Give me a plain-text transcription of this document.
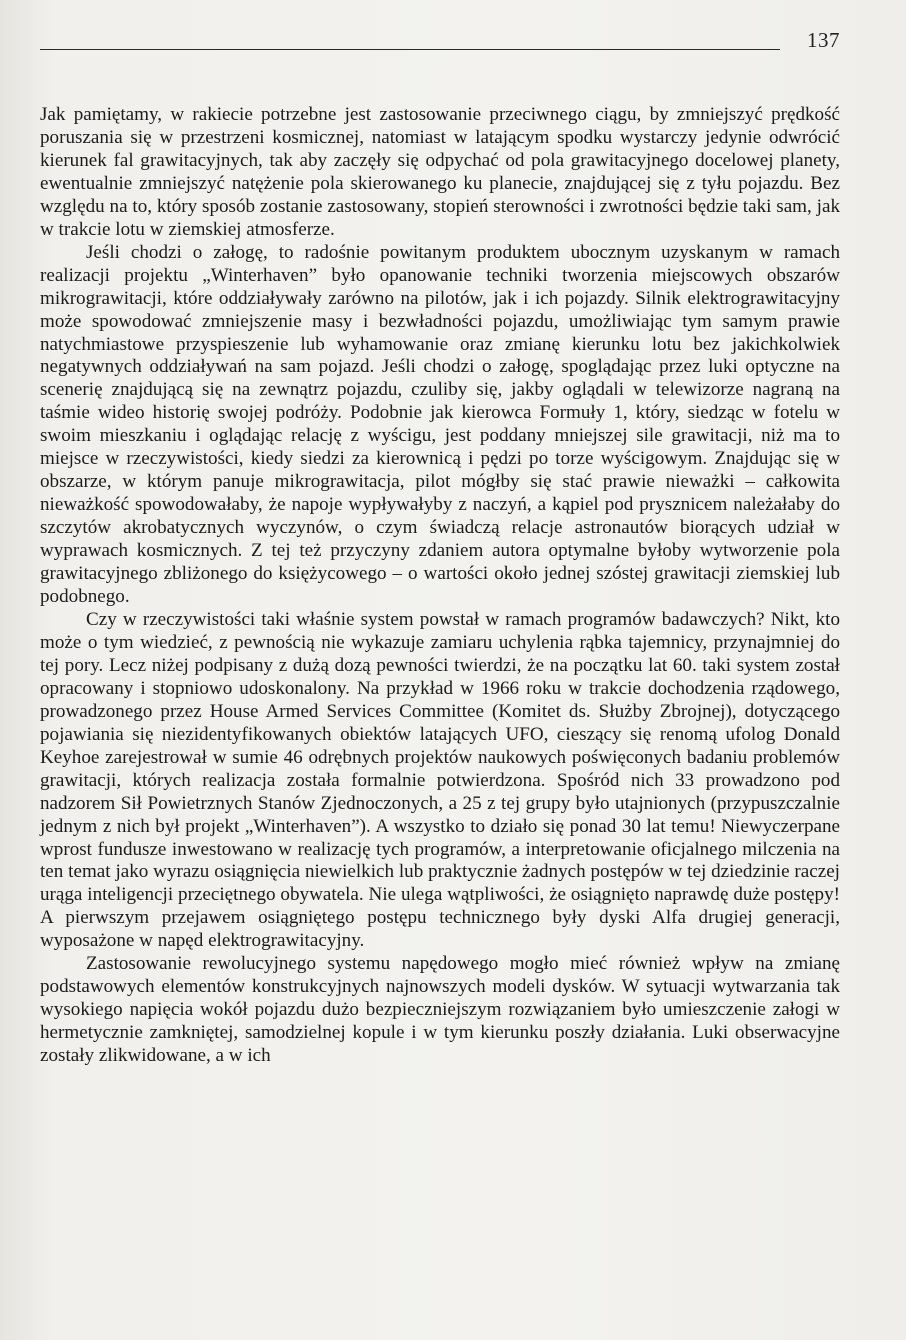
137

Jak pamiętamy, w rakiecie potrzebne jest zastosowanie przeciwnego ciągu, by zmniejszyć prędkość poruszania się w przestrzeni kosmicznej, natomiast w latającym spodku wystarczy jedynie odwrócić kierunek fal grawitacyjnych, tak aby zaczęły się odpychać od pola grawitacyjnego docelowej planety, ewentualnie zmniejszyć natężenie pola skierowanego ku planecie, znajdującej się z tyłu pojazdu. Bez względu na to, który sposób zostanie zastosowany, stopień sterowności i zwrotności będzie taki sam, jak w trakcie lotu w ziemskiej atmosferze.

Jeśli chodzi o załogę, to radośnie powitanym produktem ubocznym uzyskanym w ramach realizacji projektu „Winterhaven” było opanowanie techniki tworzenia miejscowych obszarów mikrograwitacji, które oddziaływały zarówno na pilotów, jak i ich pojazdy. Silnik elektrograwitacyjny może spowodować zmniejszenie masy i bezwładności pojazdu, umożliwiając tym samym prawie natychmiastowe przyspieszenie lub wyhamowanie oraz zmianę kierunku lotu bez jakichkolwiek negatywnych oddziaływań na sam pojazd. Jeśli chodzi o załogę, spoglądając przez luki optyczne na scenerię znajdującą się na zewnątrz pojazdu, czuliby się, jakby oglądali w telewizorze nagraną na taśmie wideo historię swojej podróży. Podobnie jak kierowca Formuły 1, który, siedząc w fotelu w swoim mieszkaniu i oglądając relację z wyścigu, jest poddany mniejszej sile grawitacji, niż ma to miejsce w rzeczywistości, kiedy siedzi za kierownicą i pędzi po torze wyścigowym. Znajdując się w obszarze, w którym panuje mikrograwitacja, pilot mógłby się stać prawie nieważki – całkowita nieważkość spowodowałaby, że napoje wypływałyby z naczyń, a kąpiel pod prysznicem należałaby do szczytów akrobatycznych wyczynów, o czym świadczą relacje astronautów biorących udział w wyprawach kosmicznych. Z tej też przyczyny zdaniem autora optymalne byłoby wytworzenie pola grawitacyjnego zbliżonego do księżycowego – o wartości około jednej szóstej grawitacji ziemskiej lub podobnego.

Czy w rzeczywistości taki właśnie system powstał w ramach programów badawczych? Nikt, kto może o tym wiedzieć, z pewnością nie wykazuje zamiaru uchylenia rąbka tajemnicy, przynajmniej do tej pory. Lecz niżej podpisany z dużą dozą pewności twierdzi, że na początku lat 60. taki system został opracowany i stopniowo udoskonalony. Na przykład w 1966 roku w trakcie dochodzenia rządowego, prowadzonego przez House Armed Services Committee (Komitet ds. Służby Zbrojnej), dotyczącego pojawiania się niezidentyfikowanych obiektów latających UFO, cieszący się renomą ufolog Donald Keyhoe zarejestrował w sumie 46 odrębnych projektów naukowych poświęconych badaniu problemów grawitacji, których realizacja została formalnie potwierdzona. Spośród nich 33 prowadzono pod nadzorem Sił Powietrznych Stanów Zjednoczonych, a 25 z tej grupy było utajnionych (przypuszczalnie jednym z nich był projekt „Winterhaven”). A wszystko to działo się ponad 30 lat temu! Niewyczerpane wprost fundusze inwestowano w realizację tych programów, a interpretowanie oficjalnego milczenia na ten temat jako wyrazu osiągnięcia niewielkich lub praktycznie żadnych postępów w tej dziedzinie raczej urąga inteligencji przeciętnego obywatela. Nie ulega wątpliwości, że osiągnięto naprawdę duże postępy! A pierwszym przejawem osiągniętego postępu technicznego były dyski Alfa drugiej generacji, wyposażone w napęd elektrograwitacyjny.

Zastosowanie rewolucyjnego systemu napędowego mogło mieć również wpływ na zmianę podstawowych elementów konstrukcyjnych najnowszych modeli dysków. W sytuacji wytwarzania tak wysokiego napięcia wokół pojazdu dużo bezpieczniejszym rozwiązaniem było umieszczenie załogi w hermetycznie zamkniętej, samodzielnej kopule i w tym kierunku poszły działania. Luki obserwacyjne zostały zlikwidowane, a w ich
